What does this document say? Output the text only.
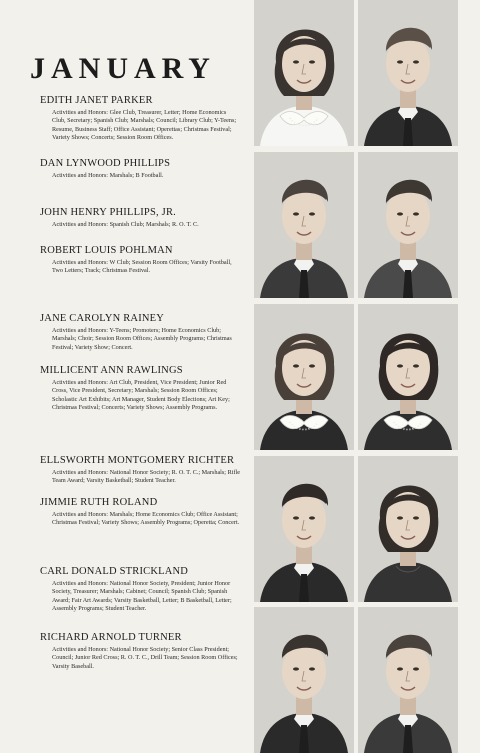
JANUARY
EDITH JANET PARKER
Activities and Honors: Glee Club, Treasurer, Letter; Home Economics Club, Secretary; Spanish Club; Marshals; Council; Library Club; Y-Teens; Resume, Business Staff; Office Assistant; Operettas; Christmas Festival; Variety Shows; Concerts; Session Room Offices.
DAN LYNWOOD PHILLIPS
Activities and Honors: Marshals; B Football.
JOHN HENRY PHILLIPS, JR.
Activities and Honors: Spanish Club; Marshals; R. O. T. C.
ROBERT LOUIS POHLMAN
Activities and Honors: W Club; Session Room Offices; Varsity Football, Two Letters; Track; Christmas Festival.
JANE CAROLYN RAINEY
Activities and Honors: Y-Teens; Promoters; Home Economics Club; Marshals; Choir; Session Room Offices; Assembly Programs; Christmas Festival; Variety Show; Concert.
MILLICENT ANN RAWLINGS
Activities and Honors: Art Club, President, Vice President; Junior Red Cross, Vice President, Secretary; Marshals; Session Room Offices; Scholastic Art Exhibits; Art Manager, Student Body Elections; Art Key; Christmas Festival; Concerts; Variety Shows; Assembly Programs.
ELLSWORTH MONTGOMERY RICHTER
Activities and Honors: National Honor Society; R. O. T. C.; Marshals; Rifle Team Award; Varsity Basketball; Student Teacher.
JIMMIE RUTH ROLAND
Activities and Honors: Marshals; Home Economics Club; Office Assistant; Christmas Festival; Variety Shows; Assembly Programs; Operetta; Concert.
CARL DONALD STRICKLAND
Activities and Honors: National Honor Society, President; Junior Honor Society, Treasurer; Marshals; Cabinet; Council; Spanish Club; Spanish Award; Fair Art Awards; Varsity Basketball, Letter; B Basketball, Letter; Assembly Programs; Student Teacher.
RICHARD ARNOLD TURNER
Activities and Honors: National Honor Society; Senior Class President; Council; Junior Red Cross; R. O. T. C., Drill Team; Session Room Offices; Varsity Baseball.
